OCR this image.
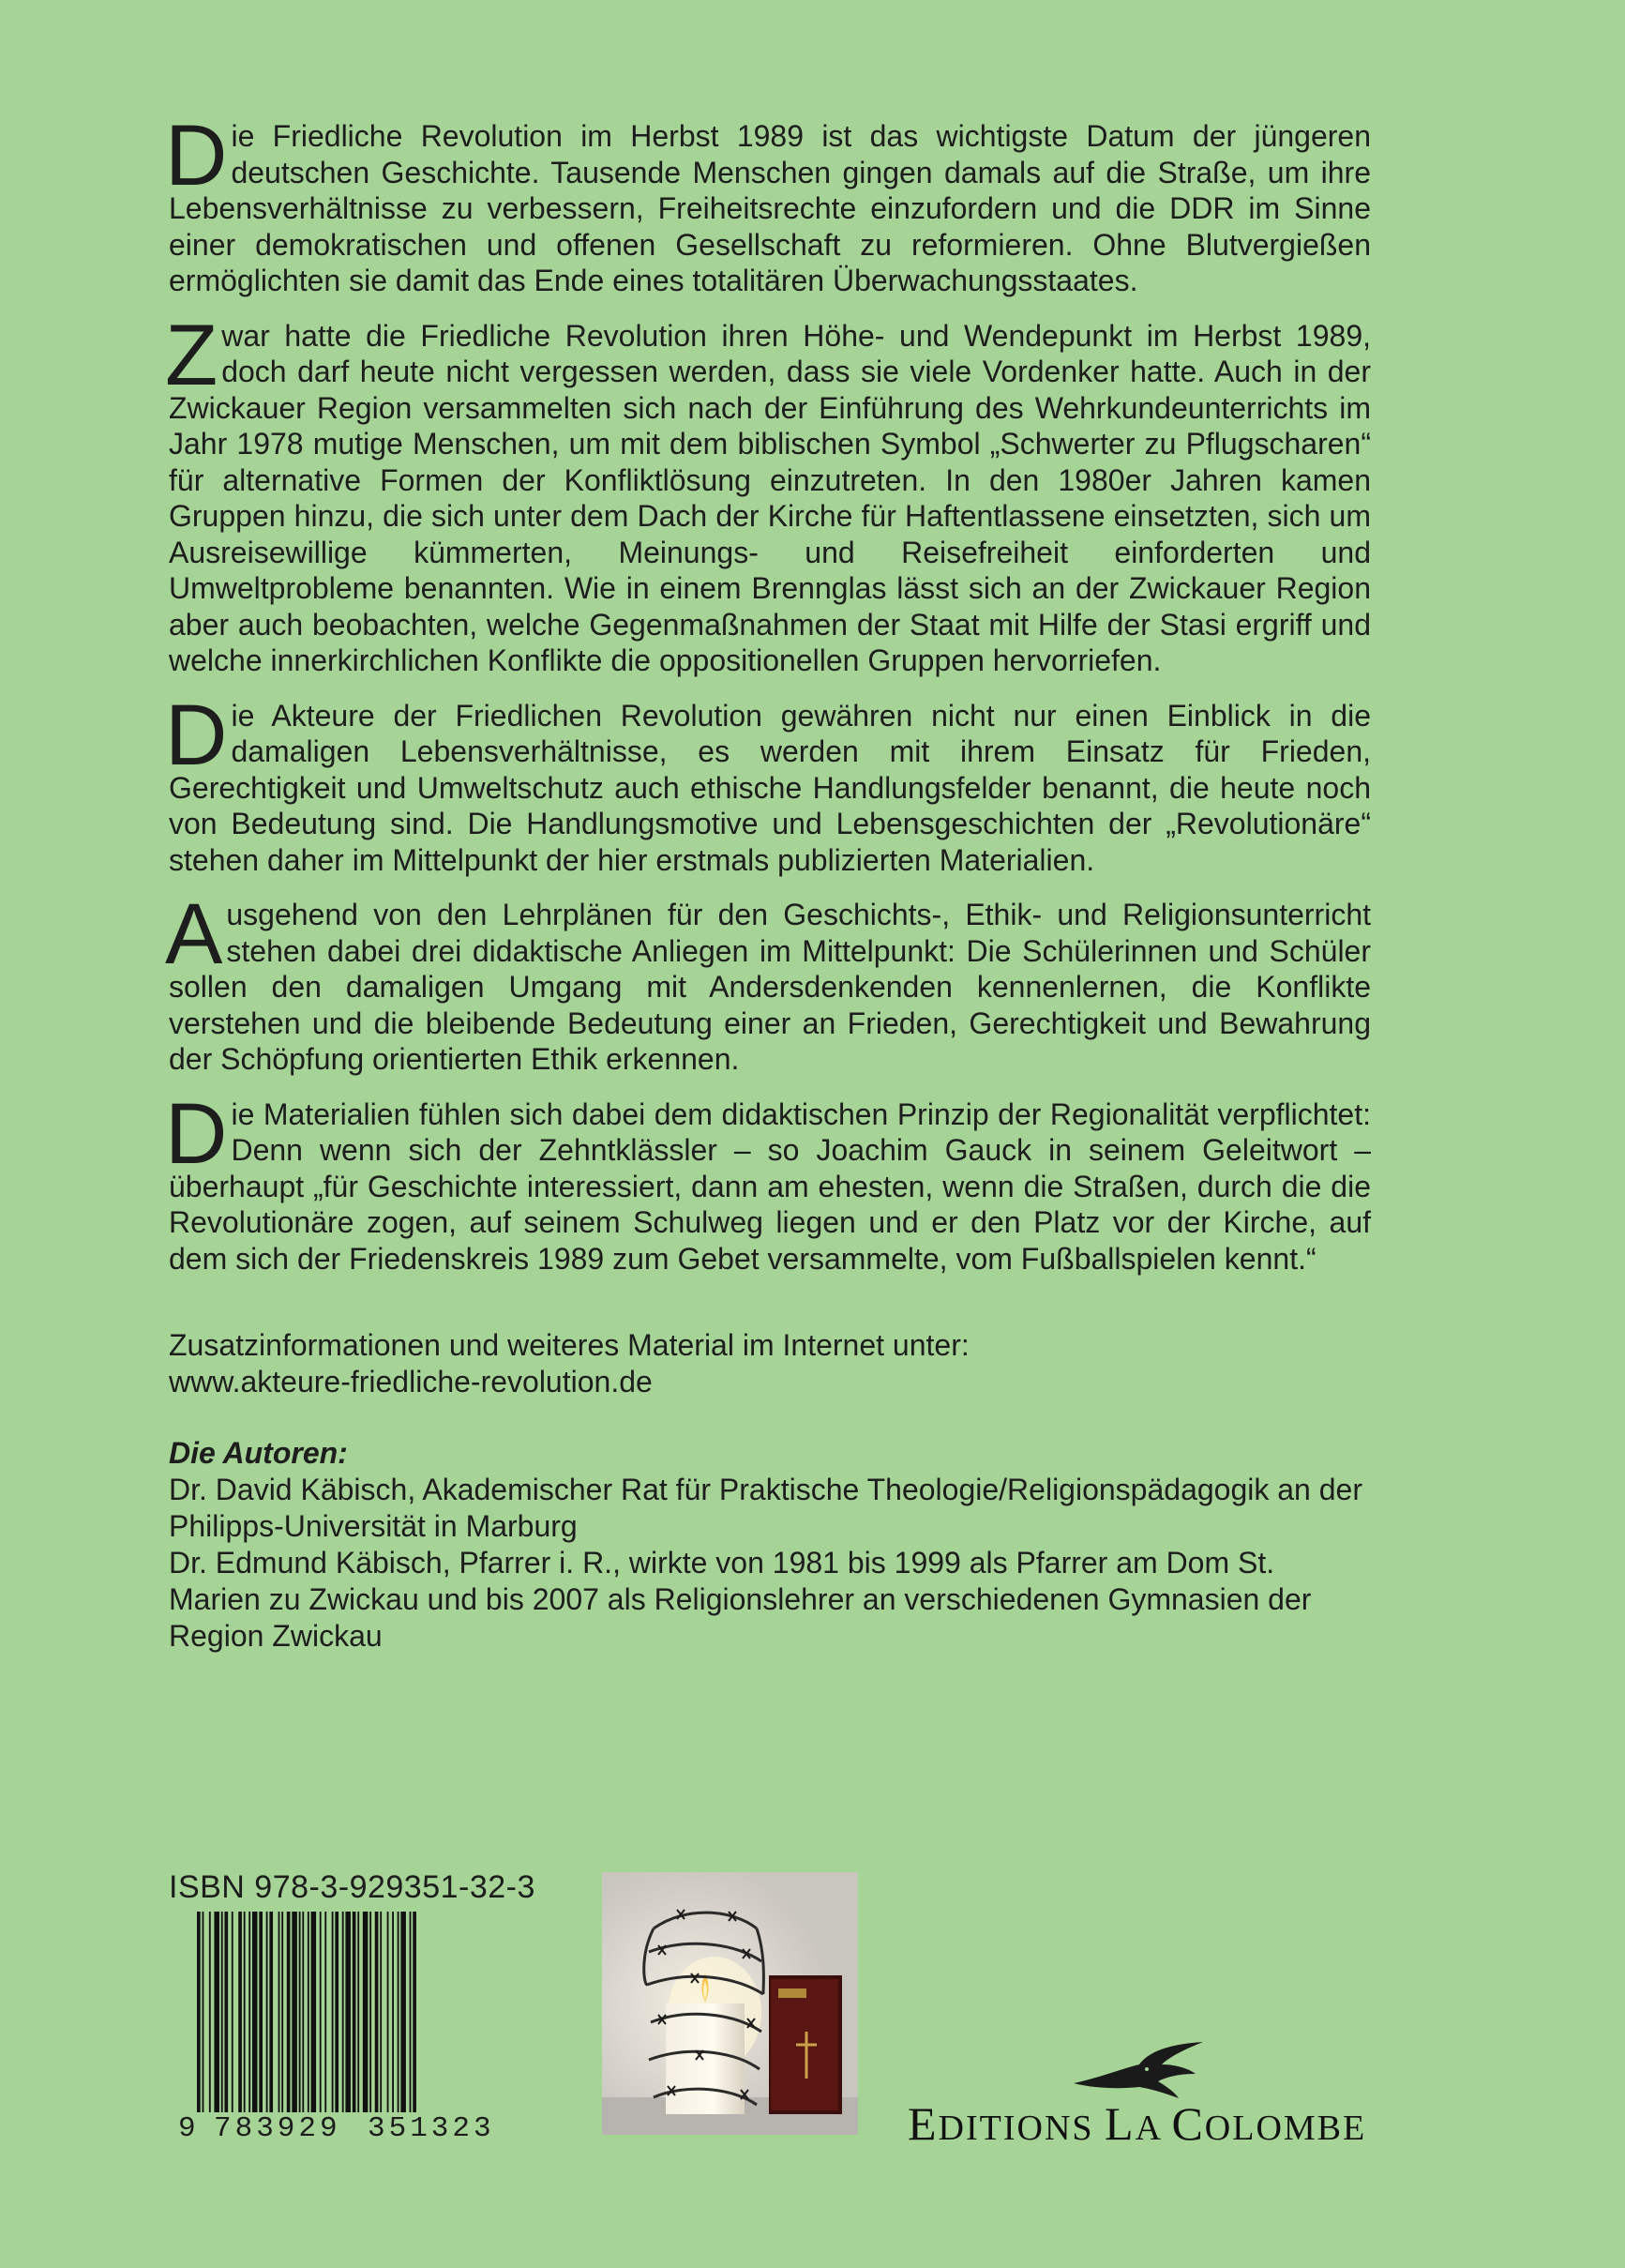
Die Friedliche Revolution im Herbst 1989 ist das wichtigste Datum der jüngeren deutschen Geschichte. Tausende Menschen gingen damals auf die Straße, um ihre Lebensverhältnisse zu verbessern, Freiheitsrechte einzufordern und die DDR im Sinne einer demokratischen und offenen Gesellschaft zu reformieren. Ohne Blutvergießen ermöglichten sie damit das Ende eines totalitären Überwachungsstaates.

Zwar hatte die Friedliche Revolution ihren Höhe- und Wendepunkt im Herbst 1989, doch darf heute nicht vergessen werden, dass sie viele Vordenker hatte. Auch in der Zwickauer Region versammelten sich nach der Einführung des Wehrkundeunterrichts im Jahr 1978 mutige Menschen, um mit dem biblischen Symbol „Schwerter zu Pflugscharen“ für alternative Formen der Konfliktlösung einzutreten. In den 1980er Jahren kamen Gruppen hinzu, die sich unter dem Dach der Kirche für Haftentlassene einsetzten, sich um Ausreisewillige kümmerten, Meinungs- und Reisefreiheit einforderten und Umweltprobleme benannten. Wie in einem Brennglas lässt sich an der Zwickauer Region aber auch beobachten, welche Gegenmaßnahmen der Staat mit Hilfe der Stasi ergriff und welche innerkirchlichen Konflikte die oppositionellen Gruppen hervorriefen.

Die Akteure der Friedlichen Revolution gewähren nicht nur einen Einblick in die damaligen Lebensverhältnisse, es werden mit ihrem Einsatz für Frieden, Gerechtigkeit und Umweltschutz auch ethische Handlungsfelder benannt, die heute noch von Bedeutung sind. Die Handlungsmotive und Lebensgeschichten der „Revolutionäre“ stehen daher im Mittelpunkt der hier erstmals publizierten Materialien.

Ausgehend von den Lehrplänen für den Geschichts-, Ethik- und Religionsunterricht stehen dabei drei didaktische Anliegen im Mittelpunkt: Die Schülerinnen und Schüler sollen den damaligen Umgang mit Andersdenkenden kennenlernen, die Konflikte verstehen und die bleibende Bedeutung einer an Frieden, Gerechtigkeit und Bewahrung der Schöpfung orientierten Ethik erkennen.

Die Materialien fühlen sich dabei dem didaktischen Prinzip der Regionalität verpflichtet: Denn wenn sich der Zehntklässler – so Joachim Gauck in seinem Geleitwort – überhaupt „für Geschichte interessiert, dann am ehesten, wenn die Straßen, durch die die Revolutionäre zogen, auf seinem Schulweg liegen und er den Platz vor der Kirche, auf dem sich der Friedenskreis 1989 zum Gebet versammelte, vom Fußballspielen kennt.“

Zusatzinformationen und weiteres Material im Internet unter:
www.akteure-friedliche-revolution.de
Die Autoren:
Dr. David Käbisch, Akademischer Rat für Praktische Theologie/Religionspädagogik an der Philipps-Universität in Marburg
Dr. Edmund Käbisch, Pfarrer i. R., wirkte von 1981 bis 1999 als Pfarrer am Dom St. Marien zu Zwickau und bis 2007 als Religionslehrer an verschiedenen Gymnasien der Region Zwickau
ISBN 978-3-929351-32-3
9 783929 351323	EDITIONS LA COLOMBE
